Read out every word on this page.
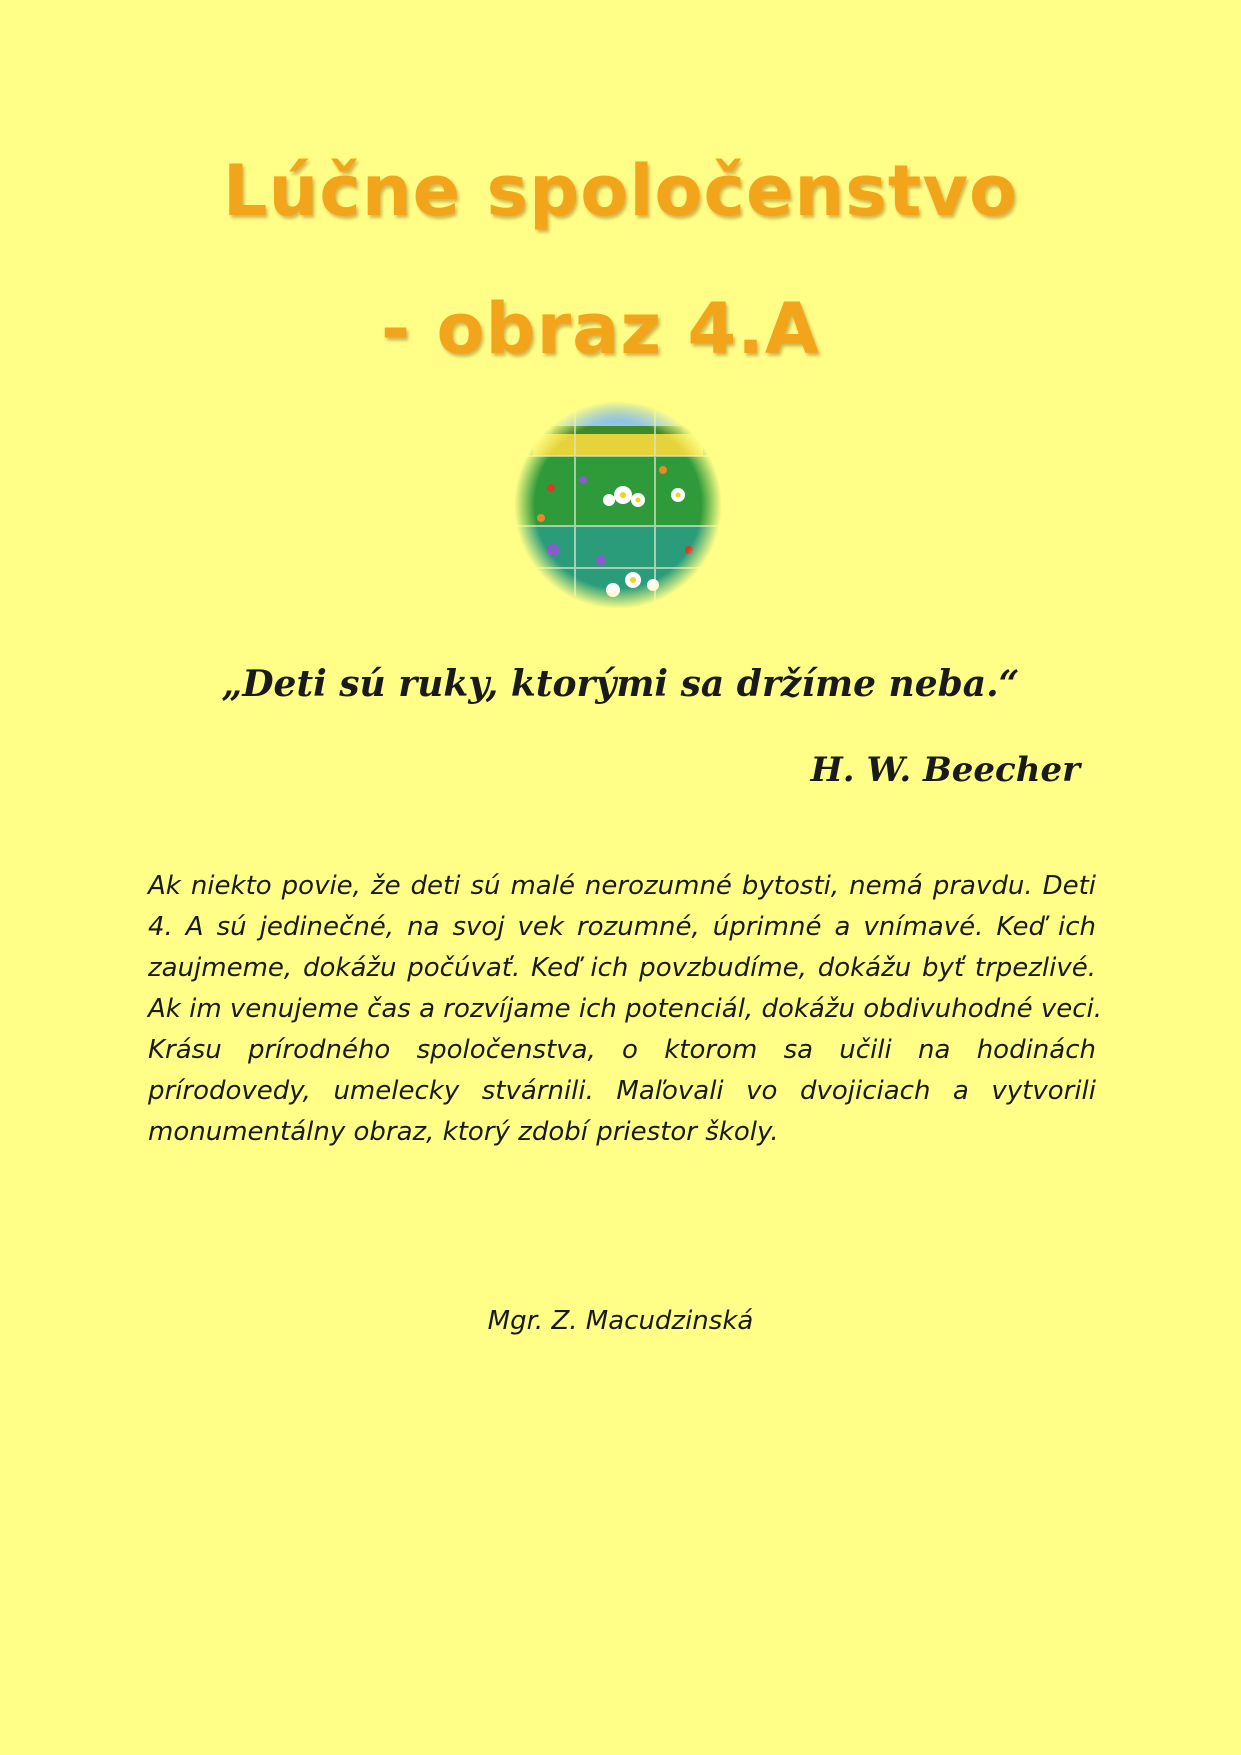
Lúčne spoločenstvo
- obraz 4.A
„Deti sú ruky, ktorými sa držíme neba.“
H. W. Beecher
Ak niekto povie, že deti sú malé nerozumné bytosti, nemá pravdu. Deti
4. A sú jedinečné, na svoj vek rozumné, úprimné a vnímavé. Keď ich
zaujmeme, dokážu počúvať. Keď ich povzbudíme, dokážu byť trpezlivé.
Ak im venujeme čas a rozvíjame ich potenciál, dokážu obdivuhodné veci.
Krásu prírodného spoločenstva, o ktorom sa učili na hodinách
prírodovedy, umelecky stvárnili. Maľovali vo dvojiciach a vytvorili
monumentálny obraz, ktorý zdobí priestor školy.
Mgr. Z. Macudzinská
